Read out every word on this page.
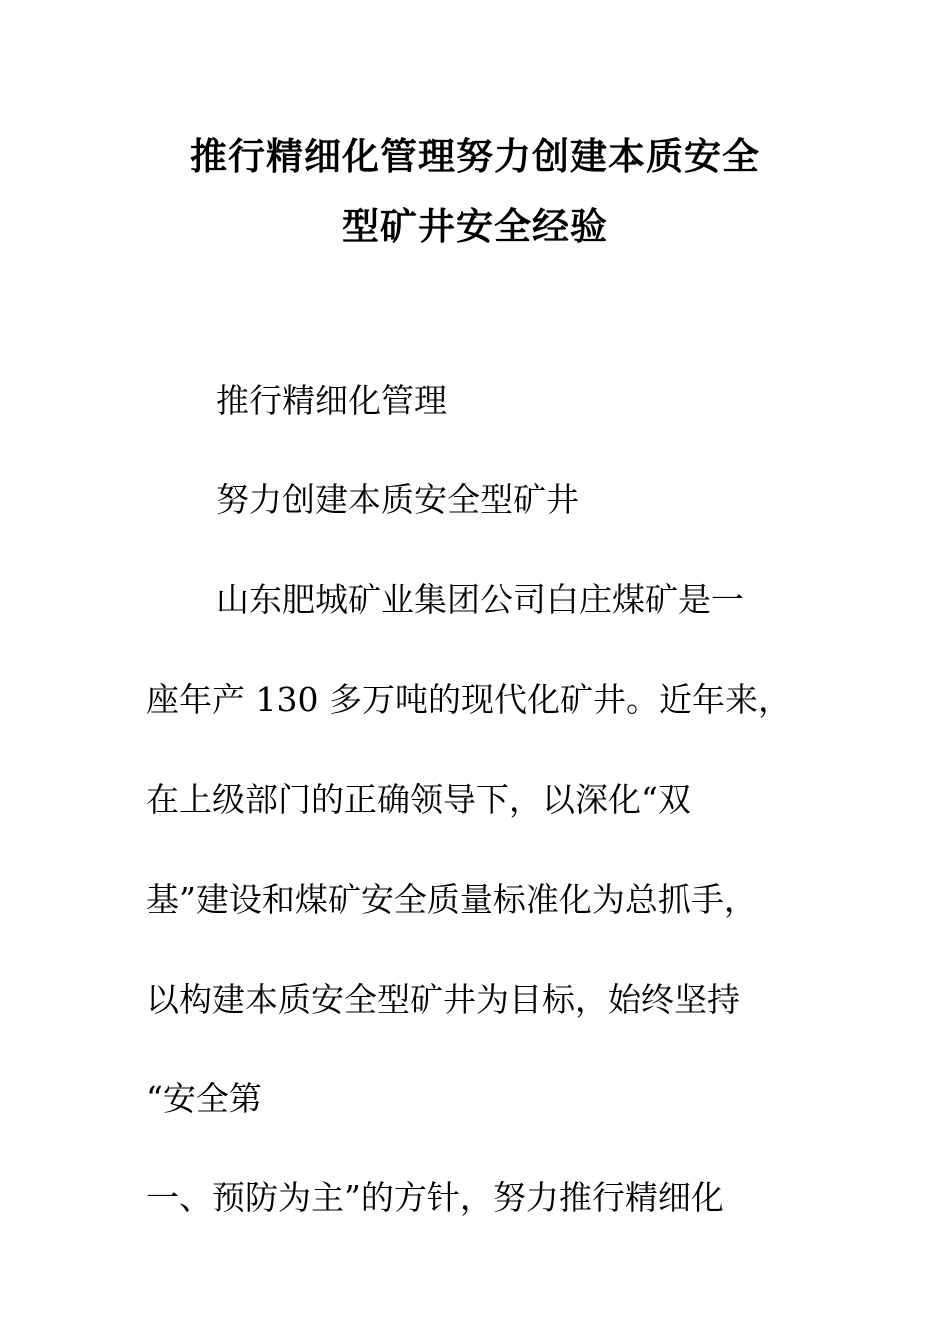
推行精细化管理努力创建本质安全
型矿井安全经验
推行精细化管理
努力创建本质安全型矿井
山东肥城矿业集团公司白庄煤矿是一
座年产 130 多万吨的现代化矿井。近年来，
在上级部门的正确领导下，以深化“双
基”建设和煤矿安全质量标准化为总抓手，
以构建本质安全型矿井为目标，始终坚持
“安全第
一、预防为主”的方针，努力推行精细化
